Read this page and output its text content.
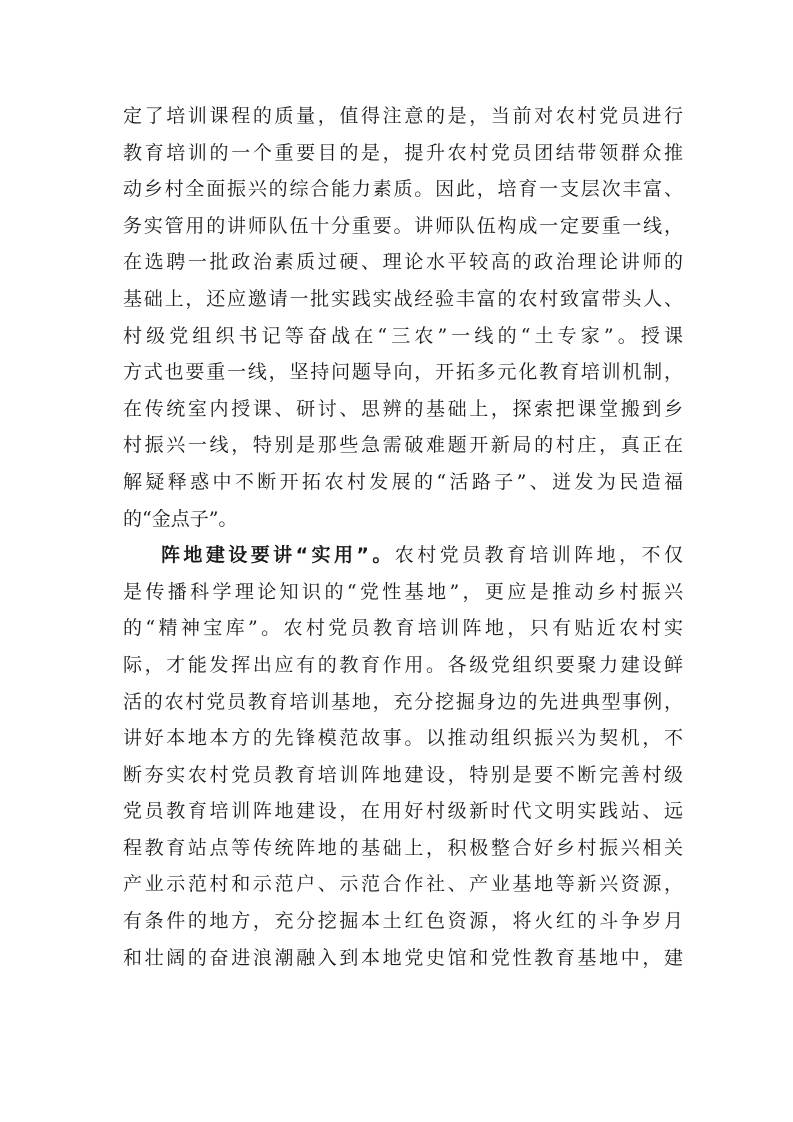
定了培训课程的质量，值得注意的是，当前对农村党员进行
教育培训的一个重要目的是，提升农村党员团结带领群众推
动乡村全面振兴的综合能力素质。因此，培育一支层次丰富、
务实管用的讲师队伍十分重要。讲师队伍构成一定要重一线，
在选聘一批政治素质过硬、理论水平较高的政治理论讲师的
基础上，还应邀请一批实践实战经验丰富的农村致富带头人、
村级党组织书记等奋战在“三农”一线的“土专家”。授课
方式也要重一线，坚持问题导向，开拓多元化教育培训机制，
在传统室内授课、研讨、思辨的基础上，探索把课堂搬到乡
村振兴一线，特别是那些急需破难题开新局的村庄，真正在
解疑释惑中不断开拓农村发展的“活路子”、迸发为民造福
的“金点子”。
阵地建设要讲“实用”。农村党员教育培训阵地，不仅
是传播科学理论知识的“党性基地”，更应是推动乡村振兴
的“精神宝库”。农村党员教育培训阵地，只有贴近农村实
际，才能发挥出应有的教育作用。各级党组织要聚力建设鲜
活的农村党员教育培训基地，充分挖掘身边的先进典型事例，
讲好本地本方的先锋模范故事。以推动组织振兴为契机，不
断夯实农村党员教育培训阵地建设，特别是要不断完善村级
党员教育培训阵地建设，在用好村级新时代文明实践站、远
程教育站点等传统阵地的基础上，积极整合好乡村振兴相关
产业示范村和示范户、示范合作社、产业基地等新兴资源，
有条件的地方，充分挖掘本土红色资源，将火红的斗争岁月
和壮阔的奋进浪潮融入到本地党史馆和党性教育基地中，建
